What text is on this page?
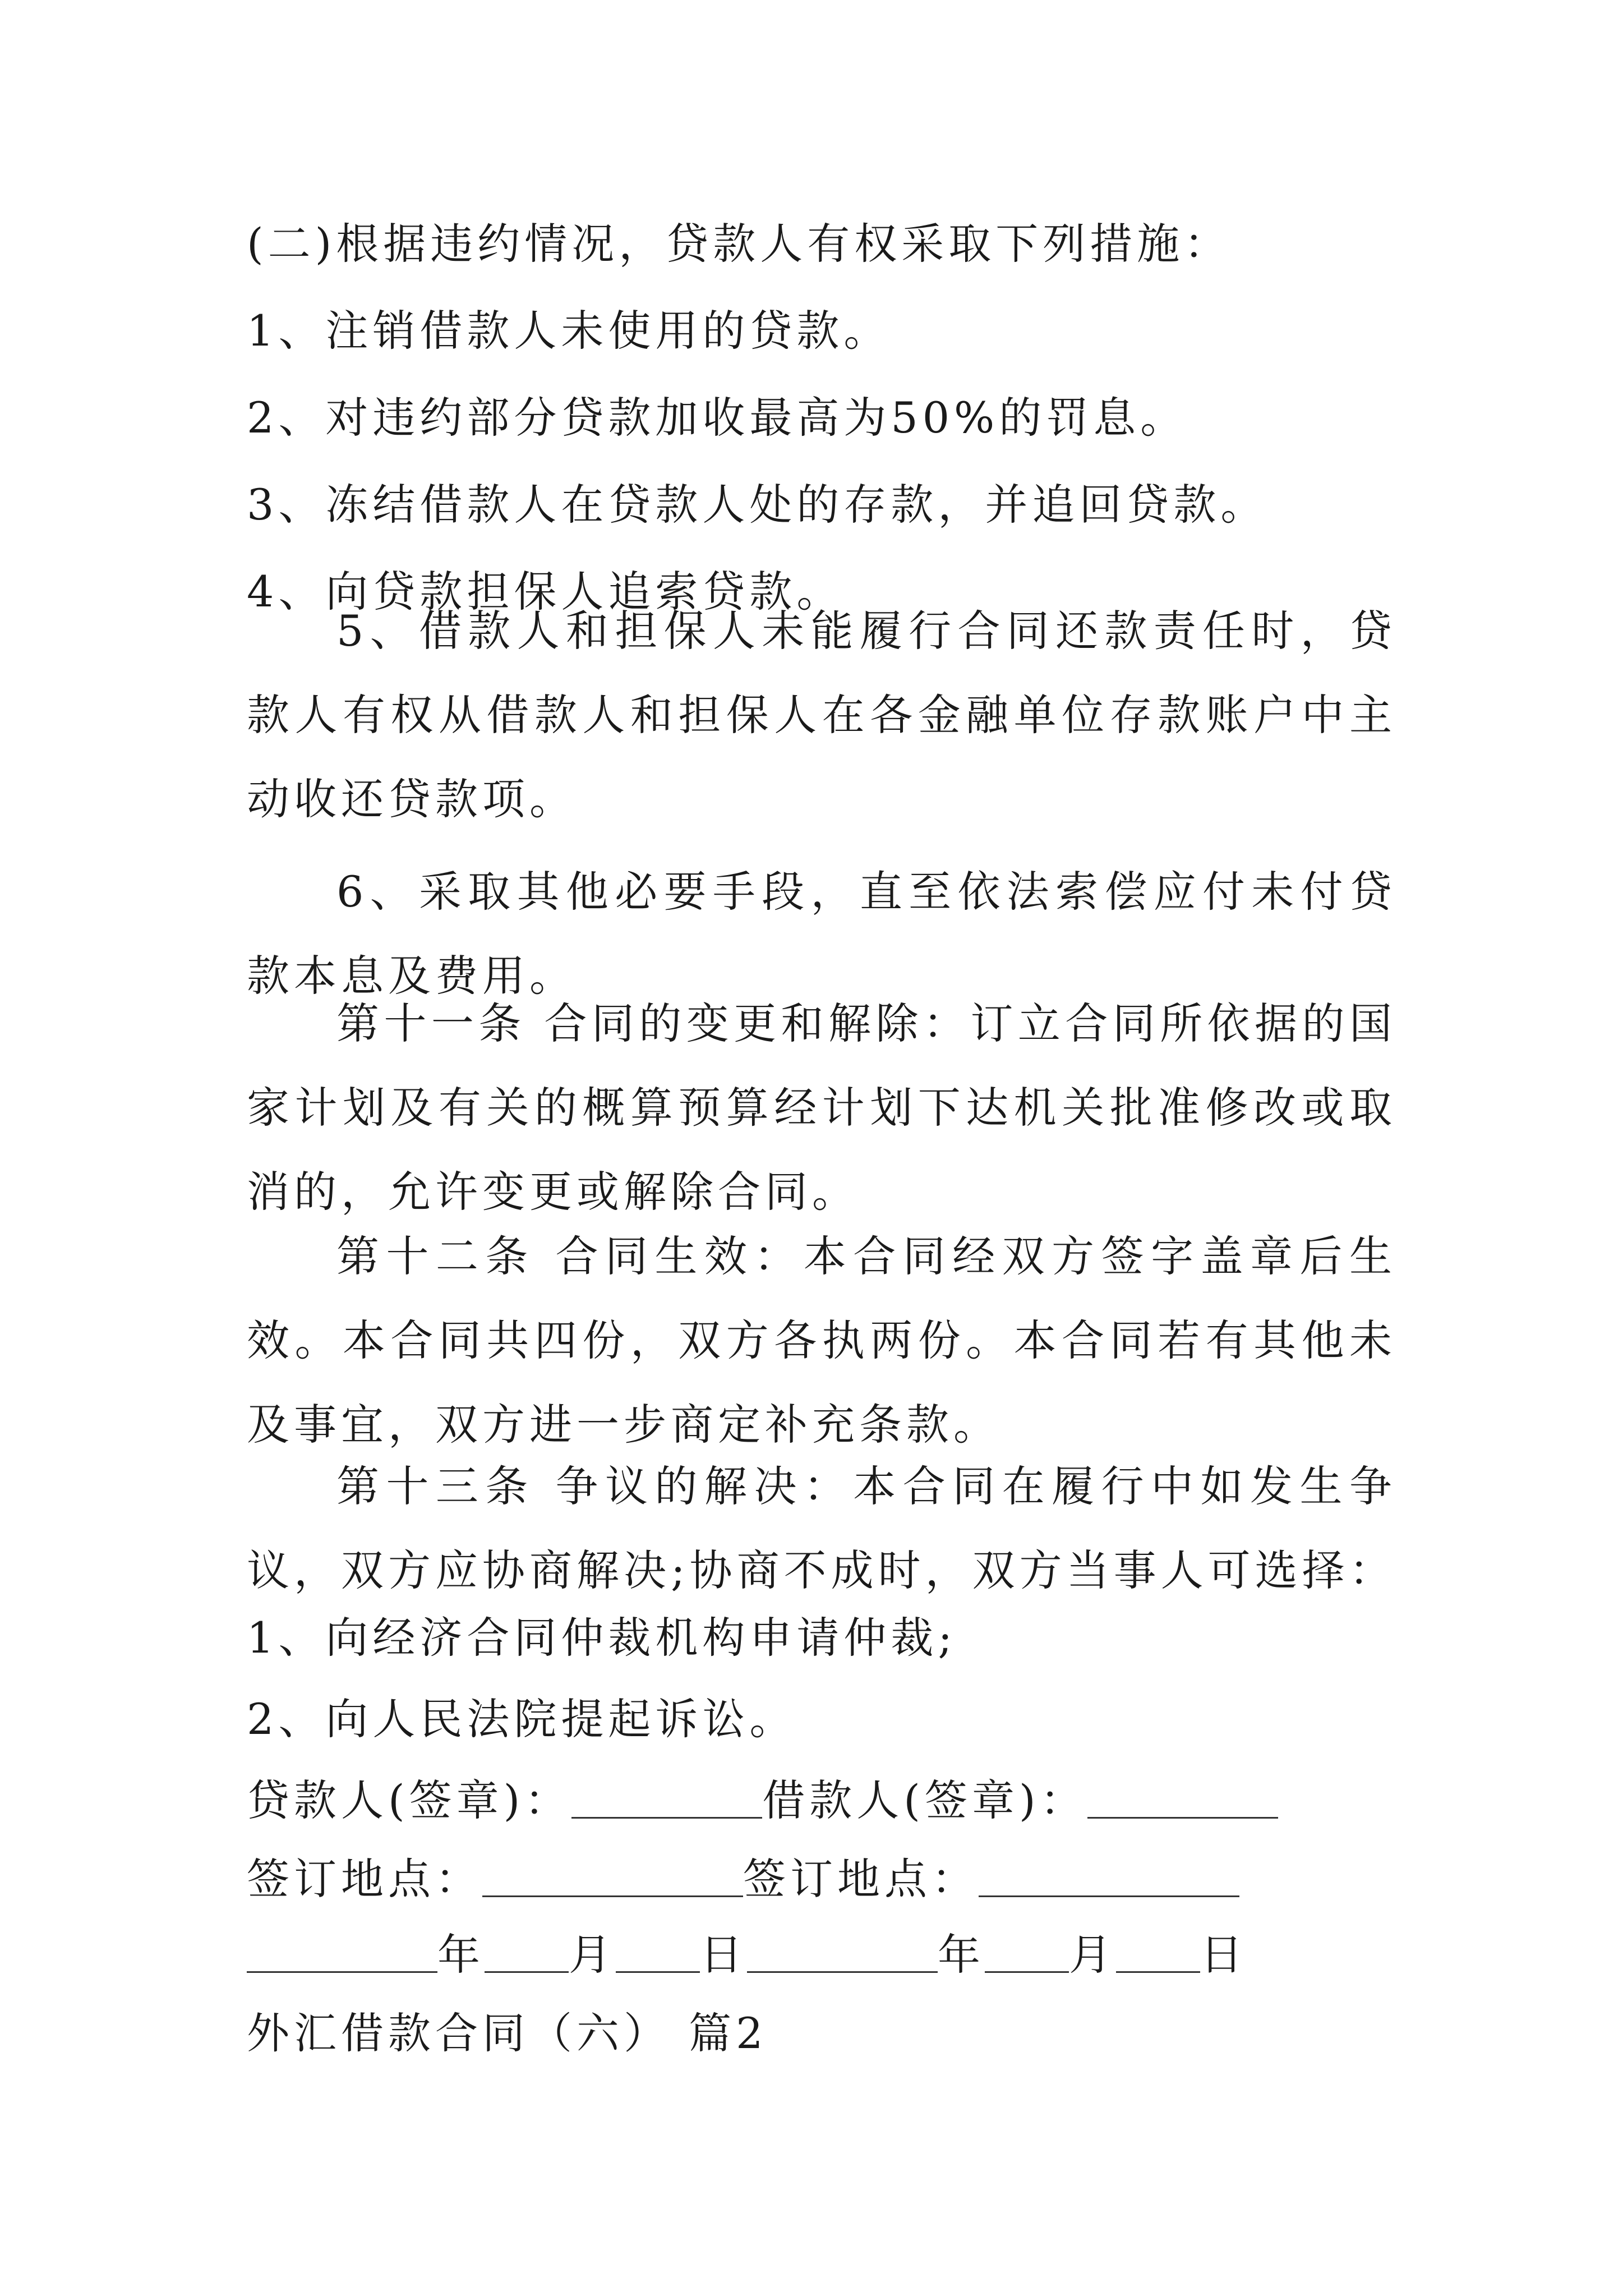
(二)根据违约情况，贷款人有权采取下列措施：
1、注销借款人未使用的贷款。
2、对违约部分贷款加收最高为50%的罚息。
3、冻结借款人在贷款人处的存款，并追回贷款。
4、向贷款担保人追索贷款。
5、借款人和担保人未能履行合同还款责任时，贷款人有权从借款人和担保人在各金融单位存款账户中主动收还贷款项。
6、采取其他必要手段，直至依法索偿应付未付贷款本息及费用。
第十一条 合同的变更和解除：订立合同所依据的国家计划及有关的概算预算经计划下达机关批准修改或取消的，允许变更或解除合同。
第十二条 合同生效：本合同经双方签字盖章后生效。本合同共四份，双方各执两份。本合同若有其他未及事宜，双方进一步商定补充条款。
第十三条 争议的解决：本合同在履行中如发生争议，双方应协商解决;协商不成时，双方当事人可选择：
1、向经济合同仲裁机构申请仲裁;
2、向人民法院提起诉讼。
贷款人(签章)：	借款人(签章)：
签订地点：	签订地点：
年 月 日	年 月 日
外汇借款合同（六） 篇2
